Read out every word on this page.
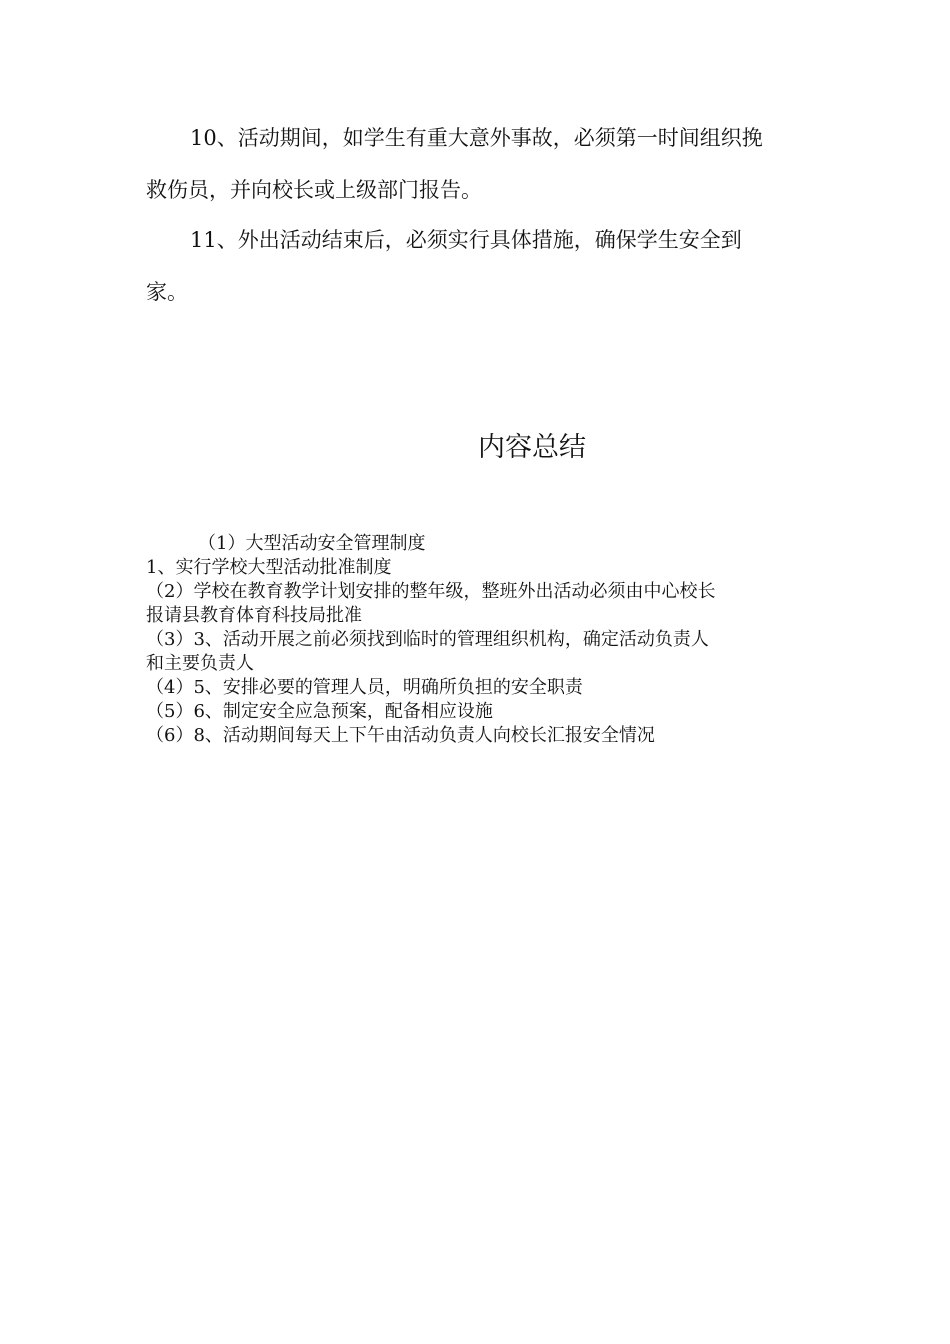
10、活动期间，如学生有重大意外事故，必须第一时间组织挽
救伤员，并向校长或上级部门报告。

11、外出活动结束后，必须实行具体措施，确保学生安全到
家。

内容总结
（1）大型活动安全管理制度
1、实行学校大型活动批准制度
（2）学校在教育教学计划安排的整年级，整班外出活动必须由中心校长
报请县教育体育科技局批准
（3）3、活动开展之前必须找到临时的管理组织机构，确定活动负责人
和主要负责人
（4）5、安排必要的管理人员，明确所负担的安全职责
（5）6、制定安全应急预案，配备相应设施
（6）8、活动期间每天上下午由活动负责人向校长汇报安全情况
